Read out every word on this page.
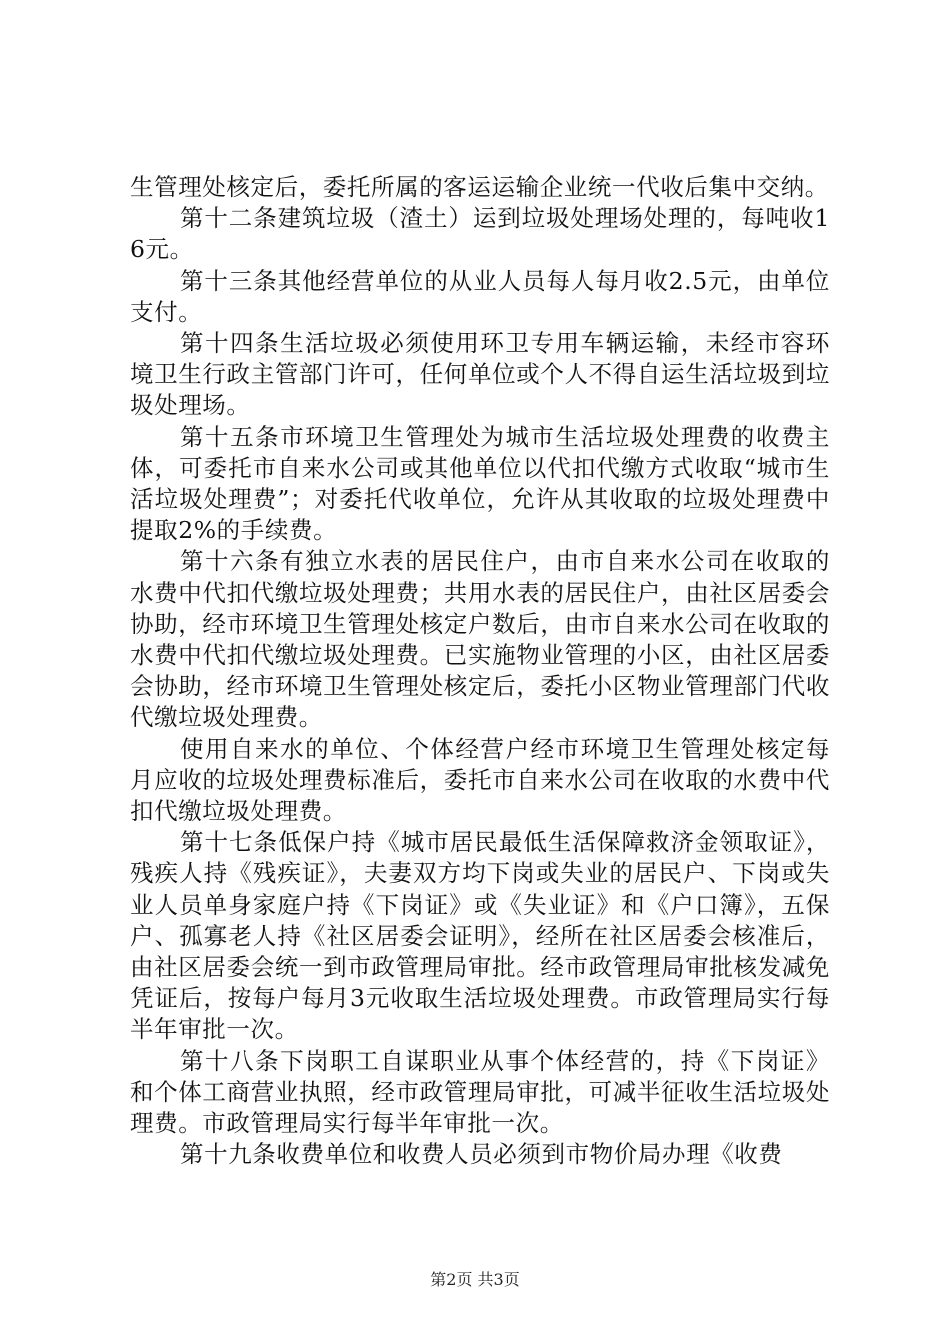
生管理处核定后，委托所属的客运运输企业统一代收后集中交纳。

第十二条建筑垃圾（渣土）运到垃圾处理场处理的，每吨收16元。

第十三条其他经营单位的从业人员每人每月收2.5元，由单位支付。

第十四条生活垃圾必须使用环卫专用车辆运输，未经市容环境卫生行政主管部门许可，任何单位或个人不得自运生活垃圾到垃圾处理场。

第十五条市环境卫生管理处为城市生活垃圾处理费的收费主体，可委托市自来水公司或其他单位以代扣代缴方式收取“城市生活垃圾处理费”；对委托代收单位，允许从其收取的垃圾处理费中提取2%的手续费。

第十六条有独立水表的居民住户，由市自来水公司在收取的水费中代扣代缴垃圾处理费；共用水表的居民住户，由社区居委会协助，经市环境卫生管理处核定户数后，由市自来水公司在收取的水费中代扣代缴垃圾处理费。已实施物业管理的小区，由社区居委会协助，经市环境卫生管理处核定后，委托小区物业管理部门代收代缴垃圾处理费。

使用自来水的单位、个体经营户经市环境卫生管理处核定每月应收的垃圾处理费标准后，委托市自来水公司在收取的水费中代扣代缴垃圾处理费。

第十七条低保户持《城市居民最低生活保障救济金领取证》，残疾人持《残疾证》，夫妻双方均下岗或失业的居民户、下岗或失业人员单身家庭户持《下岗证》或《失业证》和《户口簿》，五保户、孤寡老人持《社区居委会证明》，经所在社区居委会核准后，由社区居委会统一到市政管理局审批。经市政管理局审批核发减免凭证后，按每户每月3元收取生活垃圾处理费。市政管理局实行每半年审批一次。

第十八条下岗职工自谋职业从事个体经营的，持《下岗证》和个体工商营业执照，经市政管理局审批，可减半征收生活垃圾处理费。市政管理局实行每半年审批一次。

第十九条收费单位和收费人员必须到市物价局办理《收费

第2页 共3页
